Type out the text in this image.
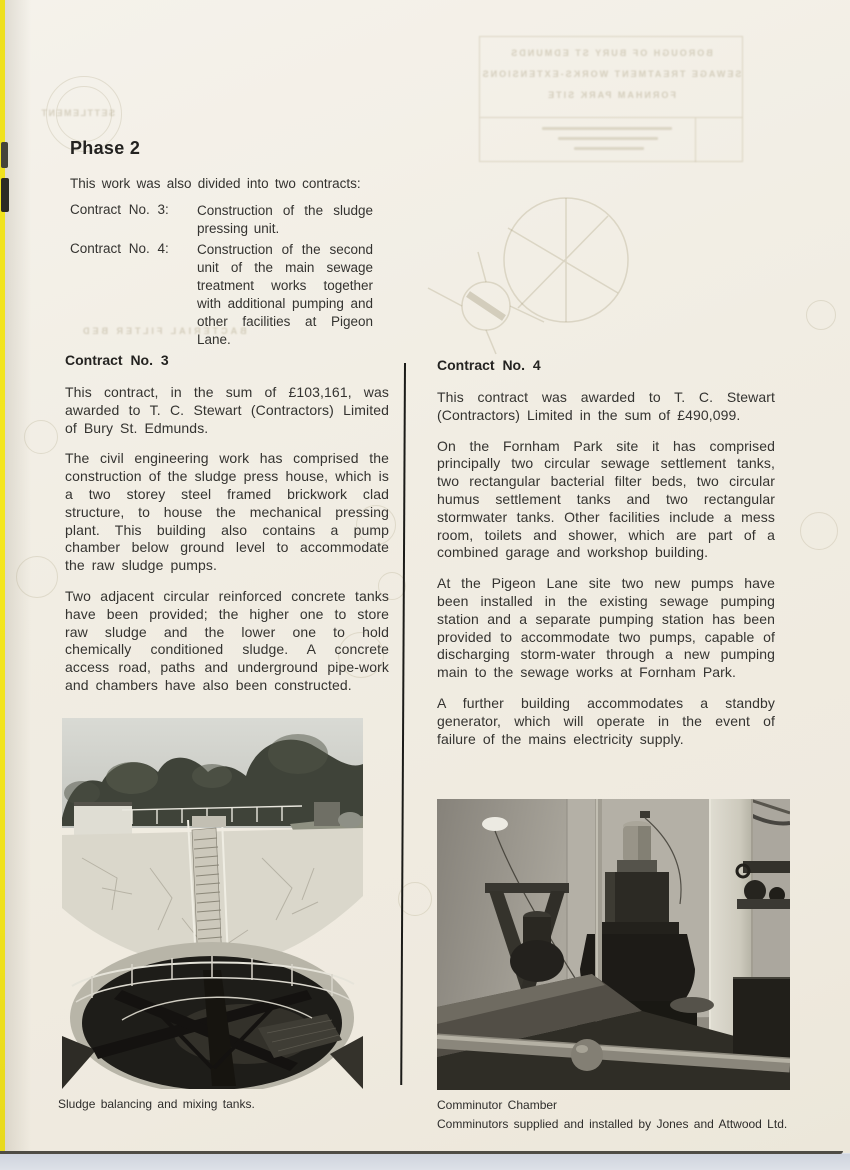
BOROUGH OF BURY ST EDMUNDS
SEWAGE TREATMENT WORKS-EXTENSIONS
FORNHAM PARK SITE
SETTLEMENT
BACTERIAL FILTER BED
Phase 2

This work was also divided into two contracts:

Contract No. 3:	Construction of the sludge pressing unit.
Contract No. 4:	Construction of the second unit of the main sewage treatment works together with additional pumping and other facilities at Pigeon Lane.
Contract No. 3

This contract, in the sum of £103,161, was awarded to T. C. Stewart (Contractors) Limited of Bury St. Edmunds.

The civil engineering work has comprised the construction of the sludge press house, which is a two storey steel framed brickwork clad structure, to house the mechanical pressing plant. This building also contains a pump chamber below ground level to accommodate the raw sludge pumps.

Two adjacent circular reinforced concrete tanks have been provided; the higher one to store raw sludge and the lower one to hold chemically conditioned sludge. A concrete access road, paths and underground pipe-work and chambers have also been constructed.

Contract No. 4

This contract was awarded to T. C. Stewart (Contractors) Limited in the sum of £490,099.

On the Fornham Park site it has comprised principally two circular sewage settlement tanks, two rectangular bacterial filter beds, two circular humus settlement tanks and two rectangular stormwater tanks. Other facilities include a mess room, toilets and shower, which are part of a combined garage and workshop building.

At the Pigeon Lane site two new pumps have been installed in the existing sewage pumping station and a separate pumping station has been provided to accommodate two pumps, capable of discharging storm-water through a new pumping main to the sewage works at Fornham Park.

A further building accommodates a standby generator, which will operate in the event of failure of the mains electricity supply.

Sludge balancing and mixing tanks.	Comminutor Chamber
Comminutors supplied and installed by Jones and Attwood Ltd.
